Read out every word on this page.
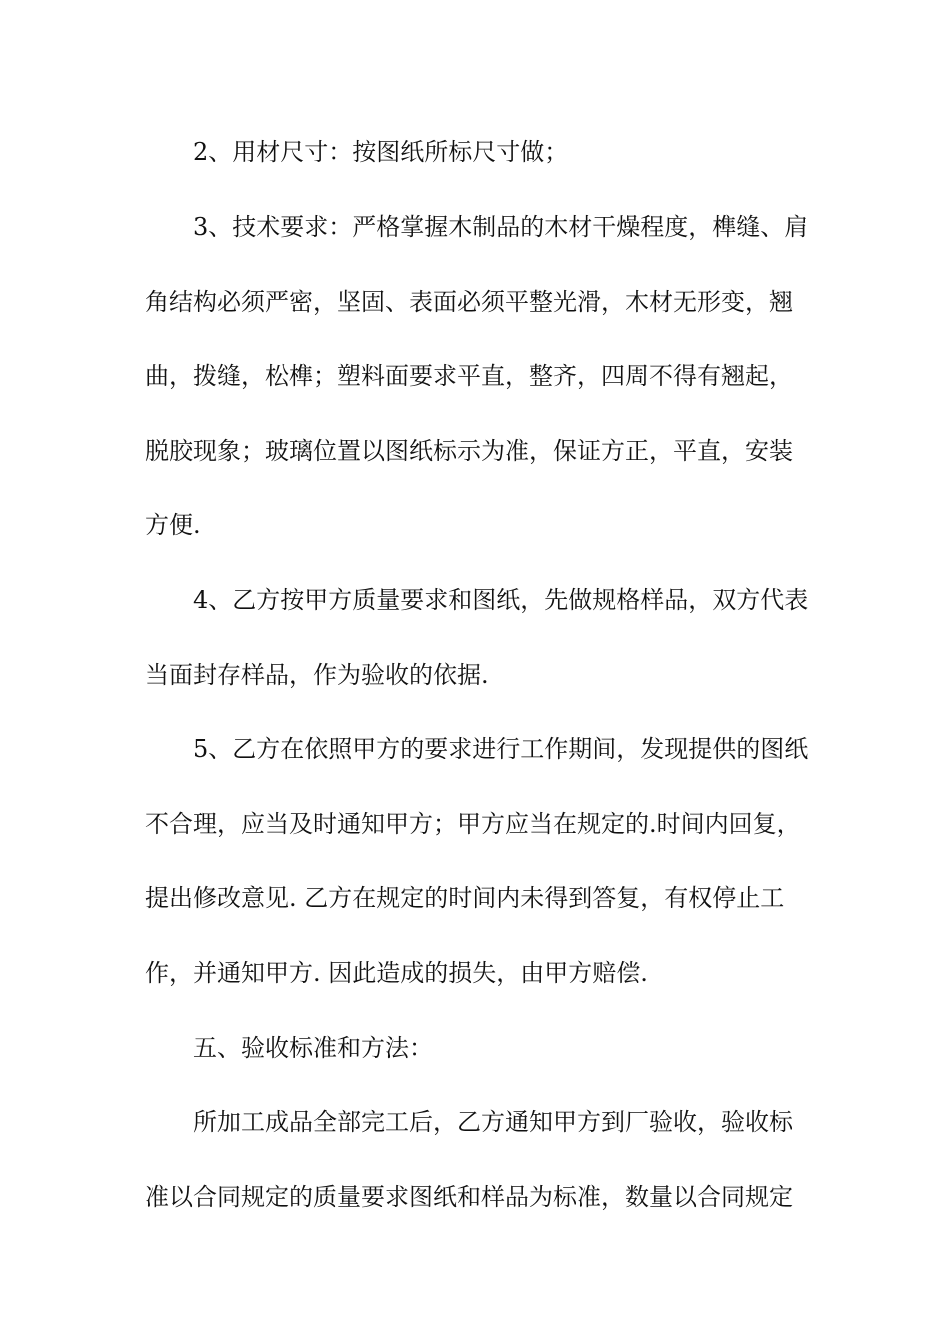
2、用材尺寸：按图纸所标尺寸做；
3、技术要求：严格掌握木制品的木材干燥程度，榫缝、肩
角结构必须严密，坚固、表面必须平整光滑，木材无形变，翘
曲，拨缝，松榫；塑料面要求平直，整齐，四周不得有翘起，
脱胶现象；玻璃位置以图纸标示为准，保证方正，平直，安装
方便.
4、乙方按甲方质量要求和图纸，先做规格样品，双方代表
当面封存样品，作为验收的依据.
5、乙方在依照甲方的要求进行工作期间，发现提供的图纸
不合理，应当及时通知甲方；甲方应当在规定的.时间内回复，
提出修改意见. 乙方在规定的时间内未得到答复，有权停止工
作，并通知甲方. 因此造成的损失，由甲方赔偿.
五、验收标准和方法：
所加工成品全部完工后，乙方通知甲方到厂验收，验收标
准以合同规定的质量要求图纸和样品为标准，数量以合同规定
